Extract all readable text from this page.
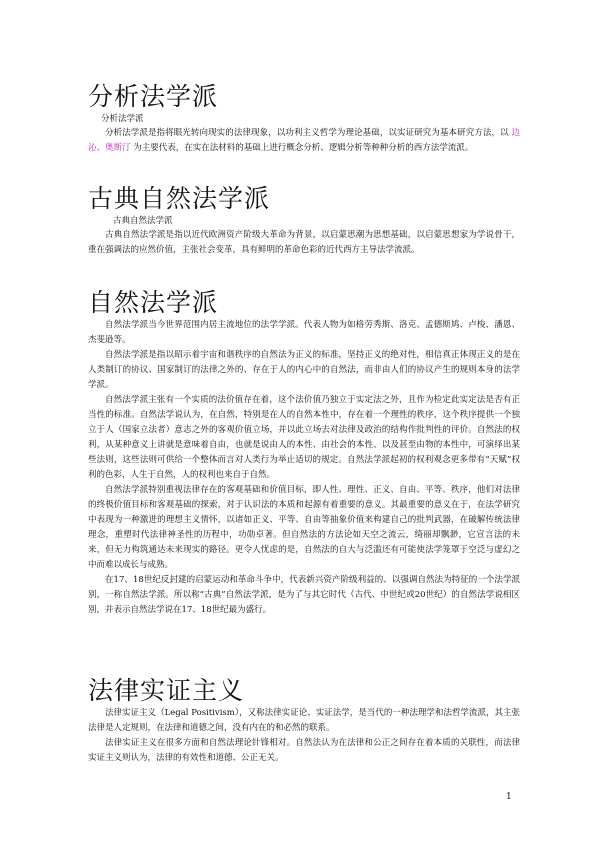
分析法学派

分析法学派

分析法学派是指将眼光转向现实的法律现象，以功利主义哲学为理论基础，以实证研究为基本研究方法，以 边沁、奥斯汀 为主要代表，在实在法材料的基础上进行概念分析、逻辑分析等种种分析的西方法学流派。

古典自然法学派

古典自然法学派

古典自然法学派是指以近代欧洲资产阶级大革命为背景，以启蒙思潮为思想基础，以启蒙思想家为学说骨干，重在强调法的应然价值，主张社会变革，具有鲜明的革命色彩的近代西方主导法学流派。

自然法学派

自然法学派当今世界范围内居主流地位的法学学派。代表人物为如格劳秀斯、洛克、孟德斯鸠、卢梭、潘恩、杰斐逊等。

自然法学派是指以昭示着宇宙和谐秩序的自然法为正义的标准，坚持正义的绝对性，相信真正体现正义的是在人类制订的协议、国家制订的法律之外的、存在于人的内心中的自然法，而非由人们的协议产生的规则本身的法学学派。

自然法学派主张有一个实质的法价值存在着，这个法价值乃独立于实定法之外，且作为检定此实定法是否有正当性的标准。自然法学说认为，在自然，特别是在人的自然本性中，存在着一个理性的秩序，这个秩序提供一个独立于人（国家立法者）意志之外的客观价值立场，并以此立场去对法律及政治的结构作批判性的评价。自然法的权利，从某种意义上讲就是意味着自由，也就是说由人的本性、由社会的本性、以及甚至由物的本性中，可演绎出某些法则，这些法则可供给一个整体而言对人类行为举止适切的规定。自然法学派起初的权利观念更多带有“天赋”权利的色彩，人生于自然，人的权利也来自于自然。

自然法学派特别重视法律存在的客观基础和价值目标，即人性、理性、正义、自由、平等、秩序，他们对法律的终极价值目标和客观基础的探索，对于认识法的本质和起源有着重要的意义。其最重要的意义在于，在法学研究中表现为一种激进的理想主义情怀，以诸如正义、平等、自由等抽象价值来构建自己的批判武器，在破解传统法律理念，重塑时代法律神圣性的历程中，功勋卓著。但自然法的方法论如天空之流云，绮丽却飘渺，它宣言法的未来，但无力构筑通达未来现实的路径。更令人忧虑的是，自然法的自大与泛滥还有可能使法学笼罩于空泛与虚幻之中而难以成长与成熟。

在17、18世纪反封建的启蒙运动和革命斗争中，代表新兴资产阶级利益的、以强调自然法为特征的一个法学派别，一称自然法学派。所以称“古典”自然法学派，是为了与其它时代（古代、中世纪或20世纪）的自然法学说相区别，并表示自然法学说在17、18世纪最为盛行。

法律实证主义

法律实证主义（Legal Positivism），又称法律实证论、实证法学，是当代的一种法理学和法哲学流派，其主张法律是人定规则，在法律和道德之间，没有内在的和必然的联系。

法律实证主义在很多方面和自然法理论针锋相对。自然法认为在法律和公正之间存在着本质的关联性，而法律实证主义则认为，法律的有效性和道德、公正无关。

1
